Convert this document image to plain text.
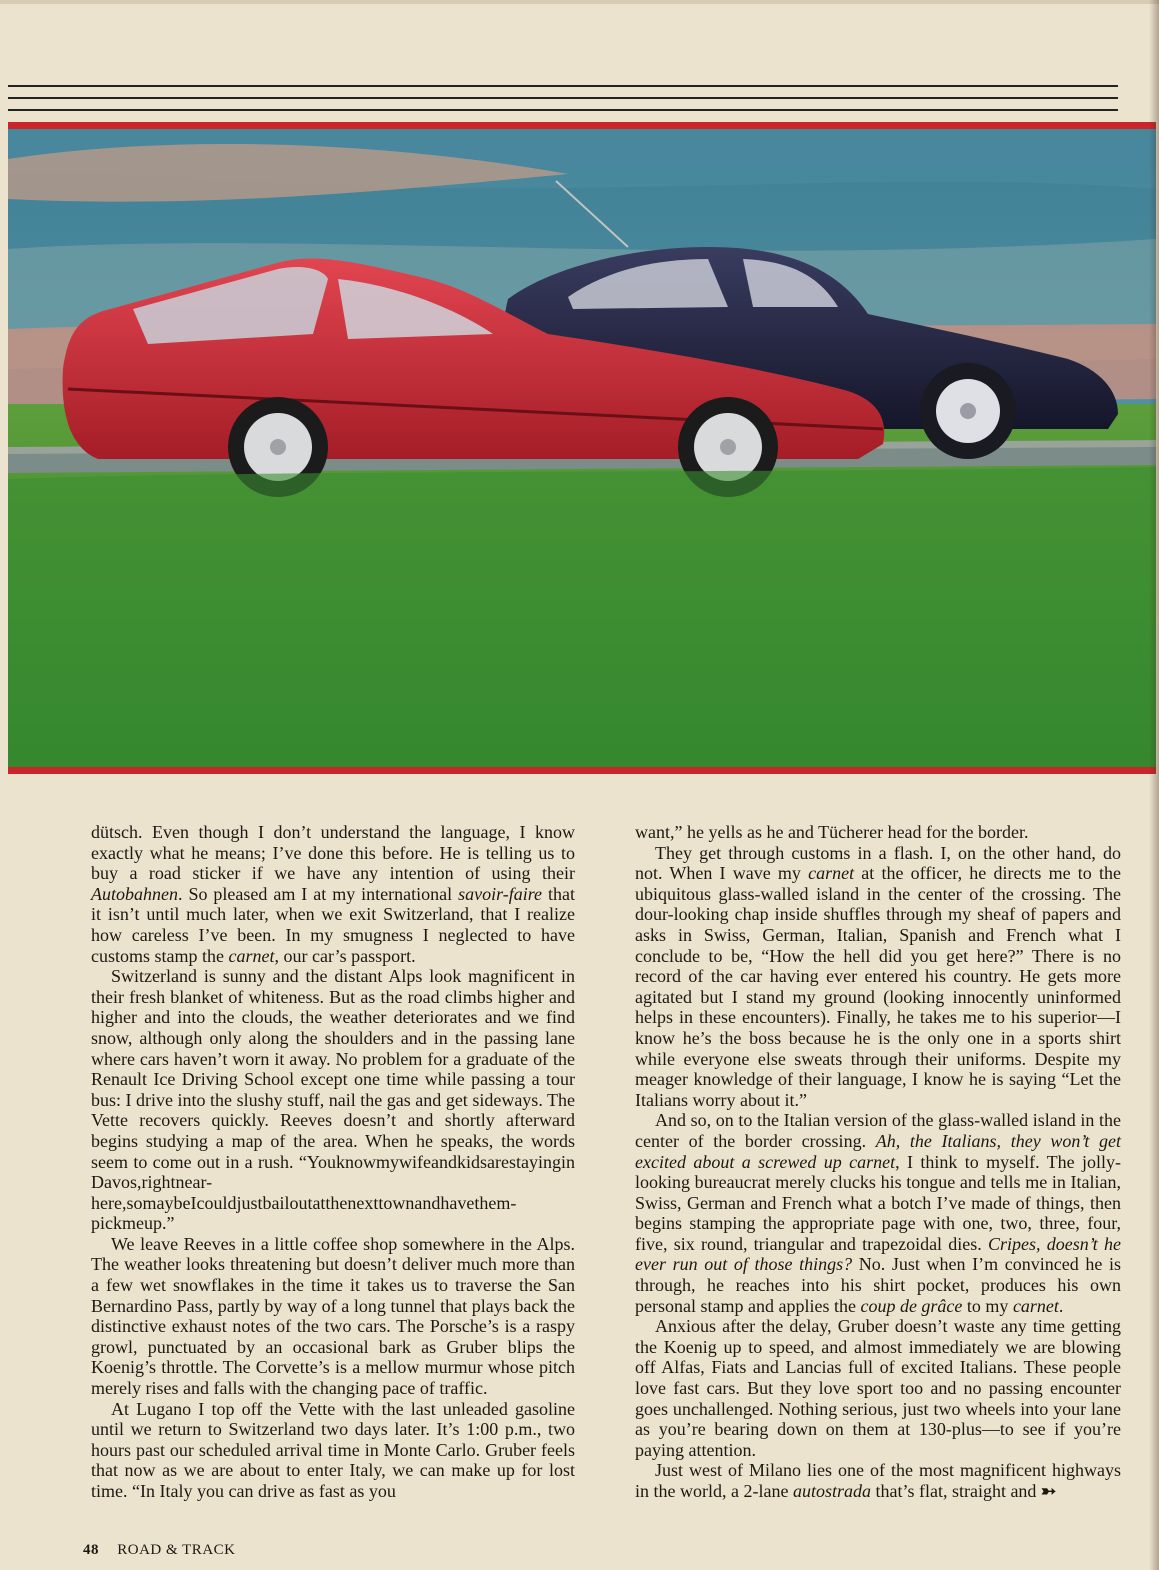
dütsch. Even though I don’t understand the language, I know exactly what he means; I’ve done this before. He is telling us to buy a road sticker if we have any intention of using their Autobahnen. So pleased am I at my international savoir-faire that it isn’t until much later, when we exit Switzerland, that I realize how careless I’ve been. In my smugness I neglected to have customs stamp the carnet, our car’s passport.

Switzerland is sunny and the distant Alps look magnificent in their fresh blanket of whiteness. But as the road climbs higher and higher and into the clouds, the weather deteriorates and we find snow, although only along the shoulders and in the passing lane where cars haven’t worn it away. No problem for a graduate of the Renault Ice Driving School except one time while passing a tour bus: I drive into the slushy stuff, nail the gas and get sideways. The Vette recovers quickly. Reeves doesn’t and shortly afterward begins studying a map of the area. When he speaks, the words seem to come out in a rush. “Youknowmywifeandkidsarestayingin Davos,rightnear-here,somaybeIcouldjustbailoutatthenexttownandhavethem-pickmeup.”

We leave Reeves in a little coffee shop somewhere in the Alps. The weather looks threatening but doesn’t deliver much more than a few wet snowflakes in the time it takes us to traverse the San Bernardino Pass, partly by way of a long tunnel that plays back the distinctive exhaust notes of the two cars. The Porsche’s is a raspy growl, punctuated by an occasional bark as Gruber blips the Koenig’s throttle. The Corvette’s is a mellow murmur whose pitch merely rises and falls with the changing pace of traffic.

At Lugano I top off the Vette with the last unleaded gasoline until we return to Switzerland two days later. It’s 1:00 p.m., two hours past our scheduled arrival time in Monte Carlo. Gruber feels that now as we are about to enter Italy, we can make up for lost time. “In Italy you can drive as fast as you

want,” he yells as he and Tücherer head for the border.

They get through customs in a flash. I, on the other hand, do not. When I wave my carnet at the officer, he directs me to the ubiquitous glass-walled island in the center of the crossing. The dour-looking chap inside shuffles through my sheaf of papers and asks in Swiss, German, Italian, Spanish and French what I conclude to be, “How the hell did you get here?” There is no record of the car having ever entered his country. He gets more agitated but I stand my ground (looking innocently uninformed helps in these encounters). Finally, he takes me to his superior—I know he’s the boss because he is the only one in a sports shirt while everyone else sweats through their uniforms. Despite my meager knowledge of their language, I know he is saying “Let the Italians worry about it.”

And so, on to the Italian version of the glass-walled island in the center of the border crossing. Ah, the Italians, they won’t get excited about a screwed up carnet, I think to myself. The jolly-looking bureaucrat merely clucks his tongue and tells me in Italian, Swiss, German and French what a botch I’ve made of things, then begins stamping the appropriate page with one, two, three, four, five, six round, triangular and trapezoidal dies. Cripes, doesn’t he ever run out of those things? No. Just when I’m convinced he is through, he reaches into his shirt pocket, produces his own personal stamp and applies the coup de grâce to my carnet.

Anxious after the delay, Gruber doesn’t waste any time getting the Koenig up to speed, and almost immediately we are blowing off Alfas, Fiats and Lancias full of excited Italians. These people love fast cars. But they love sport too and no passing encounter goes unchallenged. Nothing serious, just two wheels into your lane as you’re bearing down on them at 130-plus—to see if you’re paying attention.

Just west of Milano lies one of the most magnificent highways in the world, a 2-lane autostrada that’s flat, straight and ➳

48 ROAD & TRACK
